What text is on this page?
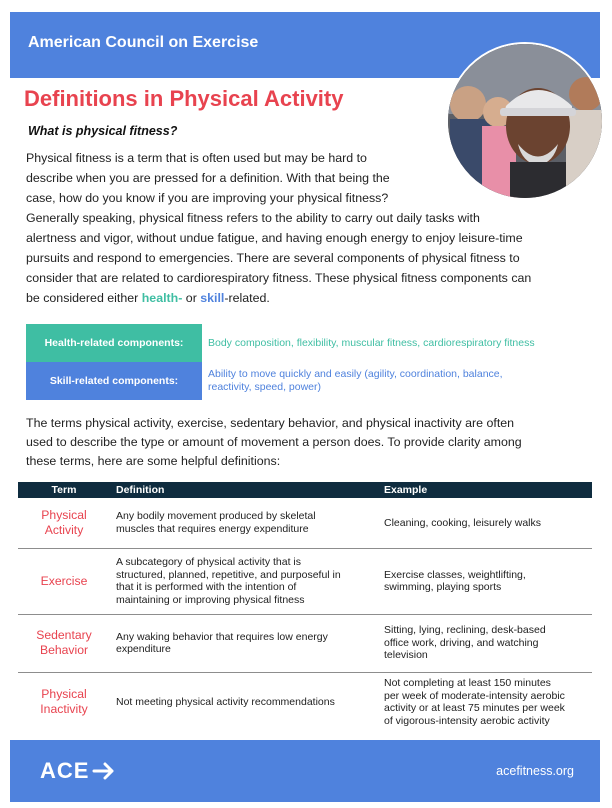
American Council on Exercise
Definitions in Physical Activity
What is physical fitness?
Physical fitness is a term that is often used but may be hard to
describe when you are pressed for a definition. With that being the
case, how do you know if you are improving your physical fitness?
Generally speaking, physical fitness refers to the ability to carry out daily tasks with
alertness and vigor, without undue fatigue, and having enough energy to enjoy leisure-time
pursuits and respond to emergencies. There are several components of physical fitness to
consider that are related to cardiorespiratory fitness. These physical fitness components can
be considered either health- or skill-related.
Health-related components:	Body composition, flexibility, muscular fitness, cardiorespiratory fitness
Skill-related components:
Ability to move quickly and easily (agility, coordination, balance,
reactivity, speed, power)
The terms physical activity, exercise, sedentary behavior, and physical inactivity are often
used to describe the type or amount of movement a person does. To provide clarity among
these terms, here are some helpful definitions:
Term	Definition	Example

Physical
Activity	Any bodily movement produced by skeletal
muscles that requires energy expenditure	Cleaning, cooking, leisurely walks

Exercise	A subcategory of physical activity that is
structured, planned, repetitive, and purposeful in
that it is performed with the intention of
maintaining or improving physical fitness	Exercise classes, weightlifting,
swimming, playing sports

Sedentary
Behavior	Any waking behavior that requires low energy
expenditure	Sitting, lying, reclining, desk-based
office work, driving, and watching
television

Physical
Inactivity	Not meeting physical activity recommendations	Not completing at least 150 minutes
per week of moderate-intensity aerobic
activity or at least 75 minutes per week
of vigorous-intensity aerobic activity
ACE	acefitness.org
